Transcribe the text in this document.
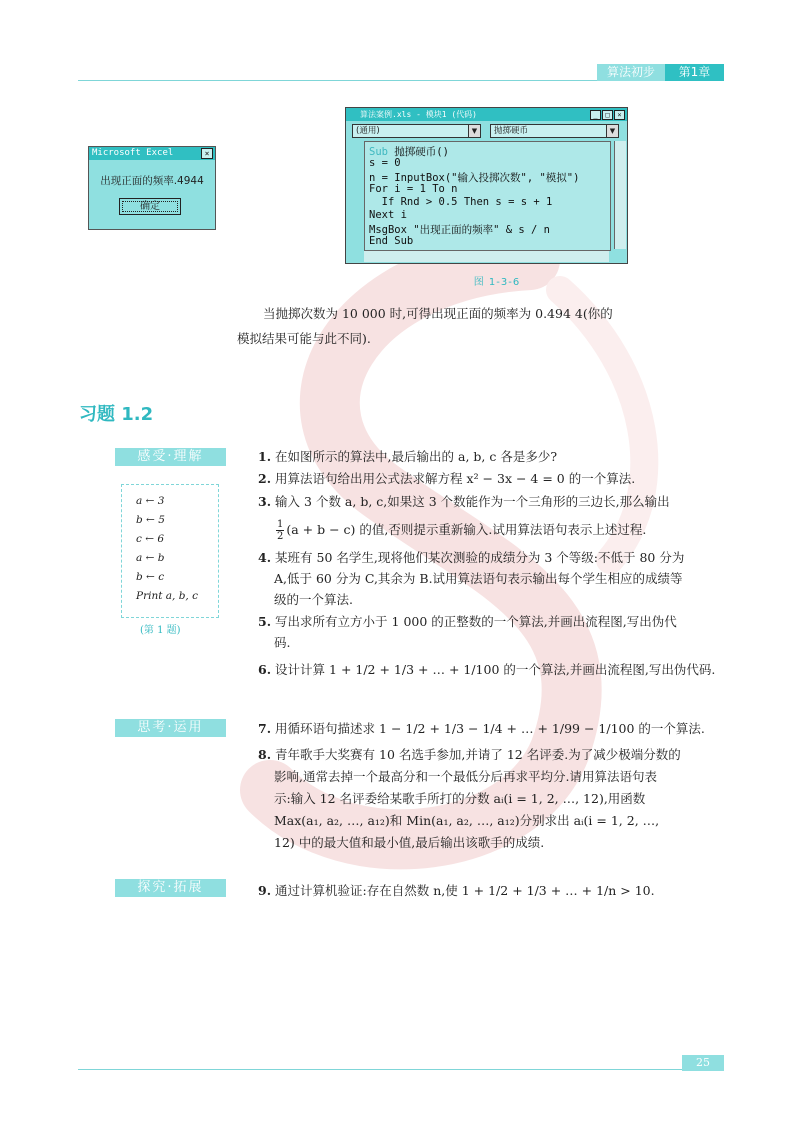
算法初步	第1章
Microsoft Excel	×
出现正面的频率.4944
确定
算法案例.xls - 模块1 (代码)	_	□	×
(通用)	▼	抛掷硬币	▼
Sub 抛掷硬币()
s = 0
n = InputBox("输入投掷次数", "模拟")
For i = 1 To n
If Rnd > 0.5 Then s = s + 1
Next i
MsgBox "出现正面的频率" & s / n
End Sub
图 1-3-6
当抛掷次数为 10 000 时,可得出现正面的频率为 0.494 4(你的
模拟结果可能与此不同).
习题 1.2
感受·理解
思考·运用
探究·拓展
a ← 3
b ← 5
c ← 6
a ← b
b ← c
Print a, b, c
(第 1 题)
1. 在如图所示的算法中,最后输出的 a, b, c 各是多少?
2. 用算法语句给出用公式法求解方程 x² − 3x − 4 = 0 的一个算法.
3. 输入 3 个数 a, b, c,如果这 3 个数能作为一个三角形的三边长,那么输出
$\frac{1}{2} (a + b - c)$ 的值,否则提示重新输入.试用算法语句表示上述过程.
4. 某班有 50 名学生,现将他们某次测验的成绩分为 3 个等级:不低于 80 分为
A,低于 60 分为 C,其余为 B.试用算法语句表示输出每个学生相应的成绩等
级的一个算法.
5. 写出求所有立方小于 1 000 的正整数的一个算法,并画出流程图,写出伪代
码.
6. 设计计算 1 + 1/2 + 1/3 + … + 1/100 的一个算法,并画出流程图,写出伪代码.
7. 用循环语句描述求 1 − 1/2 + 1/3 − 1/4 + … + 1/99 − 1/100 的一个算法.
8. 青年歌手大奖赛有 10 名选手参加,并请了 12 名评委.为了减少极端分数的
影响,通常去掉一个最高分和一个最低分后再求平均分.请用算法语句表
示:输入 12 名评委给某歌手所打的分数 aᵢ(i = 1, 2, …, 12),用函数
Max(a₁, a₂, …, a₁₂)和 Min(a₁, a₂, …, a₁₂)分别求出 aᵢ(i = 1, 2, …,
12) 中的最大值和最小值,最后输出该歌手的成绩.
9. 通过计算机验证:存在自然数 n,使 1 + 1/2 + 1/3 + … + 1/n > 10.
25
